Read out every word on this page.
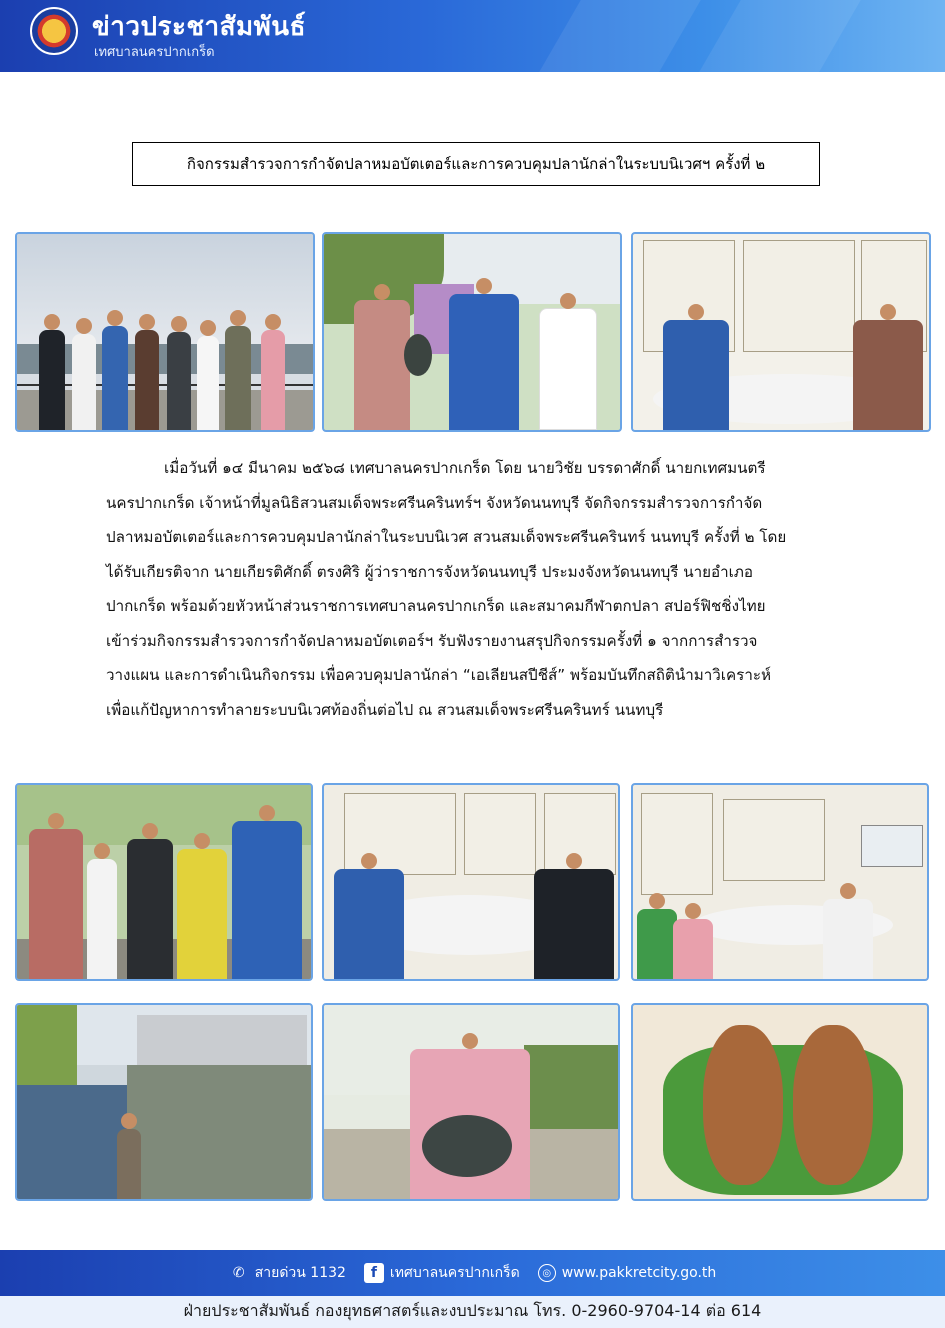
ข่าวประชาสัมพันธ์
เทศบาลนครปากเกร็ด
กิจกรรมสำรวจการกำจัดปลาหมอบัตเตอร์และการควบคุมปลานักล่าในระบบนิเวศฯ ครั้งที่ ๒
เมื่อวันที่ ๑๔ มีนาคม ๒๕๖๘ เทศบาลนครปากเกร็ด โดย นายวิชัย บรรดาศักดิ์ นายกเทศมนตรี
นครปากเกร็ด เจ้าหน้าที่มูลนิธิสวนสมเด็จพระศรีนครินทร์ฯ จังหวัดนนทบุรี จัดกิจกรรมสำรวจการกำจัด
ปลาหมอบัตเตอร์และการควบคุมปลานักล่าในระบบนิเวศ สวนสมเด็จพระศรีนครินทร์ นนทบุรี ครั้งที่ ๒ โดย
ได้รับเกียรติจาก นายเกียรติศักดิ์ ตรงศิริ ผู้ว่าราชการจังหวัดนนทบุรี ประมงจังหวัดนนทบุรี นายอำเภอ
ปากเกร็ด พร้อมด้วยหัวหน้าส่วนราชการเทศบาลนครปากเกร็ด และสมาคมกีฬาตกปลา สปอร์ฟิชชิ่งไทย
เข้าร่วมกิจกรรมสำรวจการกำจัดปลาหมอบัตเตอร์ฯ รับฟังรายงานสรุปกิจกรรมครั้งที่ ๑ จากการสำรวจ
วางแผน และการดำเนินกิจกรรม เพื่อควบคุมปลานักล่า “เอเลียนสปีชีส์” พร้อมบันทึกสถิตินำมาวิเคราะห์
เพื่อแก้ปัญหาการทำลายระบบนิเวศท้องถิ่นต่อไป ณ สวนสมเด็จพระศรีนครินทร์ นนทบุรี
✆ สายด่วน 1132	f เทศบาลนครปากเกร็ด	◎ www.pakkretcity.go.th
ฝ่ายประชาสัมพันธ์ กองยุทธศาสตร์และงบประมาณ โทร. 0-2960-9704-14 ต่อ 614
